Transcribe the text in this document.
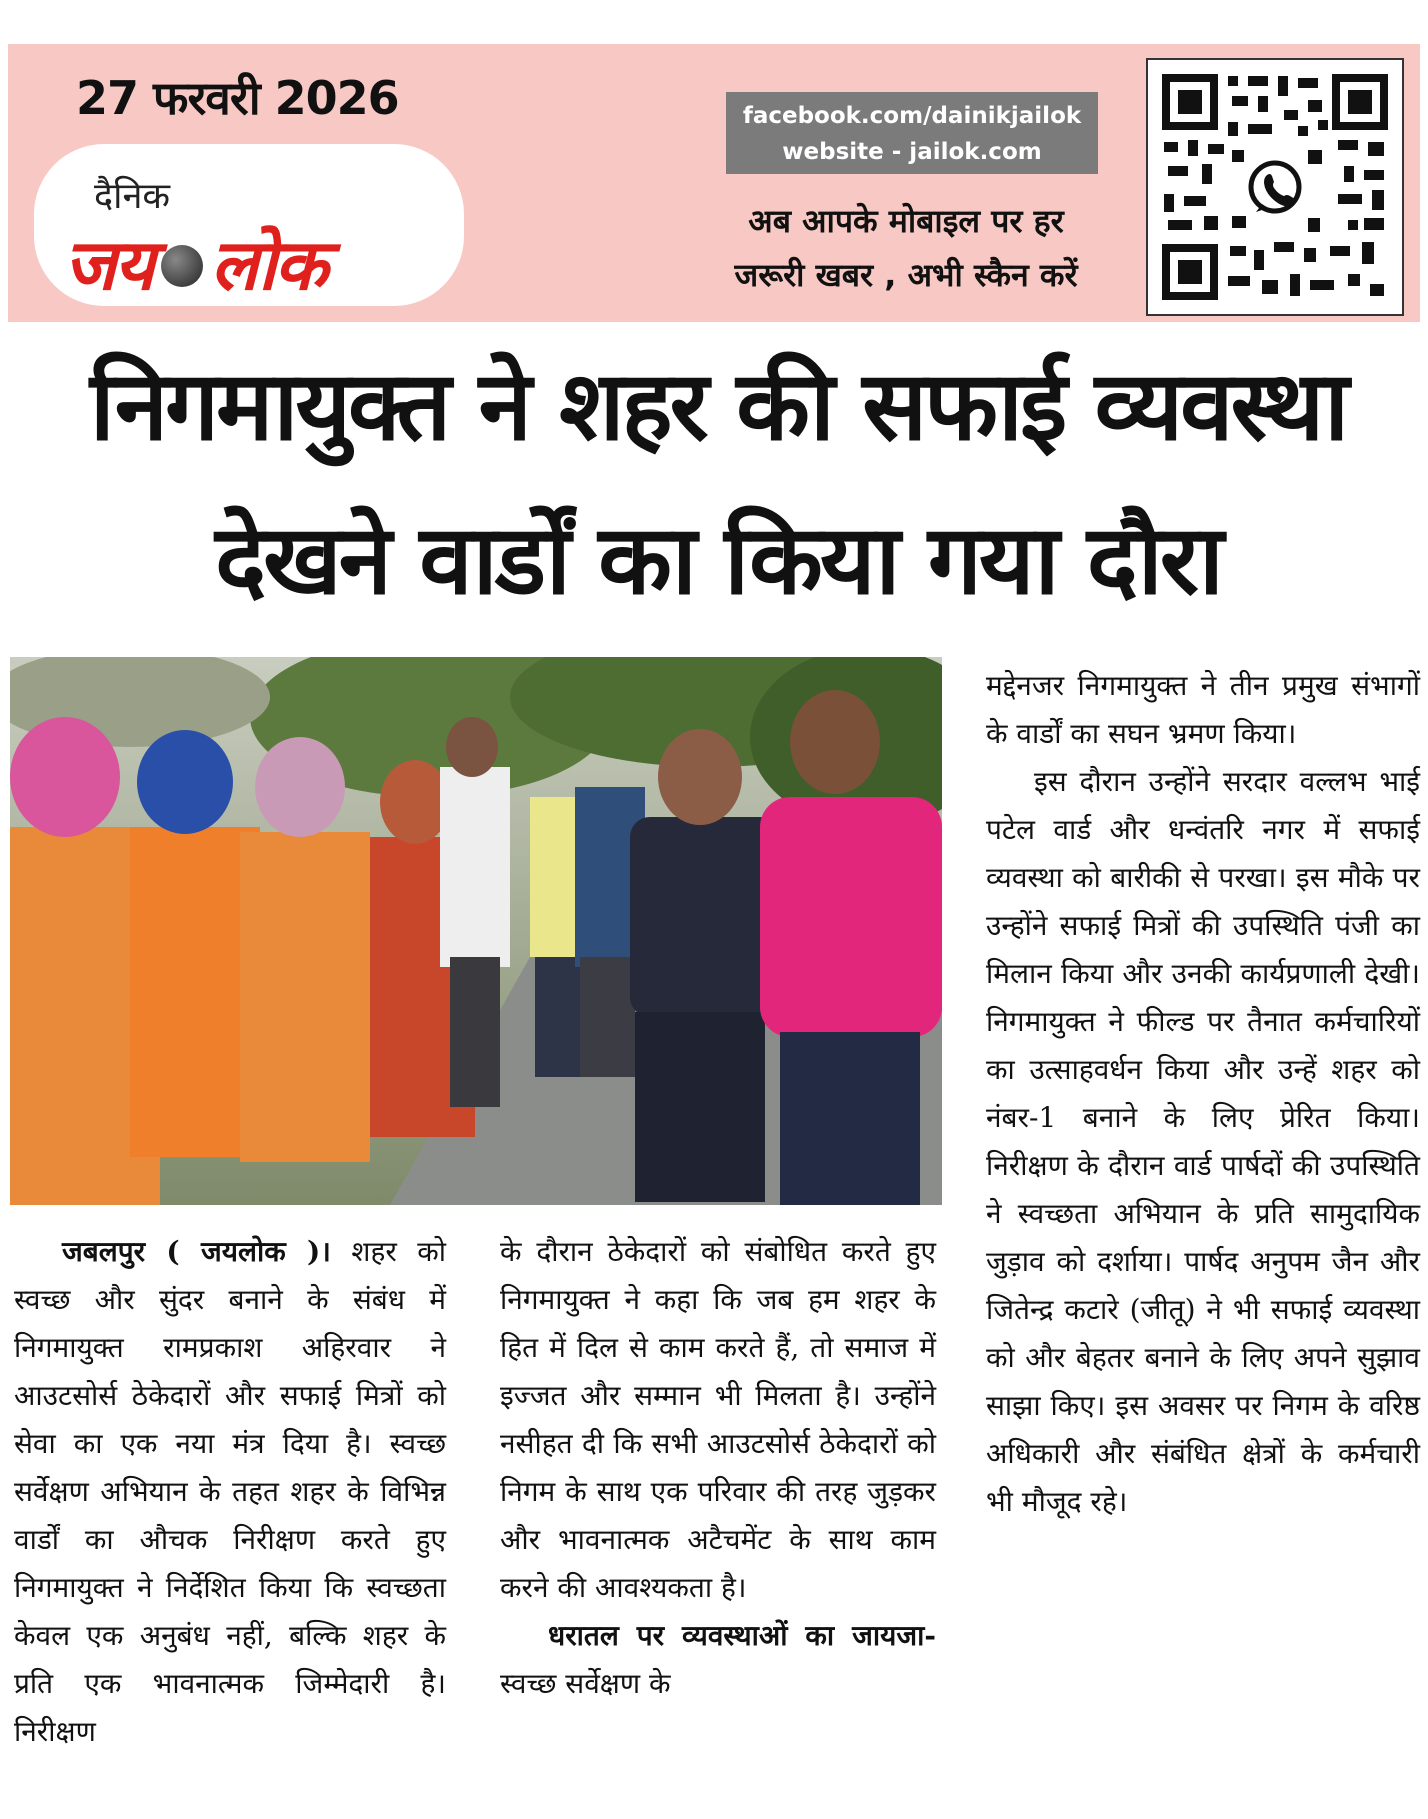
27 फरवरी 2026
दैनिक
जय लोक
facebook.com/dainikjailok
website - jailok.com
अब आपके मोबाइल पर हर
जरूरी खबर , अभी स्कैन करें
निगमायुक्त ने शहर की सफाई व्यवस्था
देखने वार्डों का किया गया दौरा

जबलपुर ( जयलोक )। शहर को स्वच्छ और सुंदर बनाने के संबंध में निगमायुक्त रामप्रकाश अहिरवार ने आउटसोर्स ठेकेदारों और सफाई मित्रों को सेवा का एक नया मंत्र दिया है। स्वच्छ सर्वेक्षण अभियान के तहत शहर के विभिन्न वार्डों का औचक निरीक्षण करते हुए निगमायुक्त ने निर्देशित किया कि स्वच्छता केवल एक अनुबंध नहीं, बल्कि शहर के प्रति एक भावनात्मक जिम्मेदारी है। निरीक्षण

के दौरान ठेकेदारों को संबोधित करते हुए निगमायुक्त ने कहा कि जब हम शहर के हित में दिल से काम करते हैं, तो समाज में इज्जत और सम्मान भी मिलता है। उन्होंने नसीहत दी कि सभी आउटसोर्स ठेकेदारों को निगम के साथ एक परिवार की तरह जुड़कर और भावनात्मक अटैचमेंट के साथ काम करने की आवश्यकता है।

धरातल पर व्यवस्थाओं का जायजा- स्वच्छ सर्वेक्षण के

मद्देनजर निगमायुक्त ने तीन प्रमुख संभागों के वार्डों का सघन भ्रमण किया।

इस दौरान उन्होंने सरदार वल्लभ भाई पटेल वार्ड और धन्वंतरि नगर में सफाई व्यवस्था को बारीकी से परखा। इस मौके पर उन्होंने सफाई मित्रों की उपस्थिति पंजी का मिलान किया और उनकी कार्यप्रणाली देखी। निगमायुक्त ने फील्ड पर तैनात कर्मचारियों का उत्साहवर्धन किया और उन्हें शहर को नंबर-1 बनाने के लिए प्रेरित किया। निरीक्षण के दौरान वार्ड पार्षदों की उपस्थिति ने स्वच्छता अभियान के प्रति सामुदायिक जुड़ाव को दर्शाया। पार्षद अनुपम जैन और जितेन्द्र कटारे (जीतू) ने भी सफाई व्यवस्था को और बेहतर बनाने के लिए अपने सुझाव साझा किए। इस अवसर पर निगम के वरिष्ठ अधिकारी और संबंधित क्षेत्रों के कर्मचारी भी मौजूद रहे।
